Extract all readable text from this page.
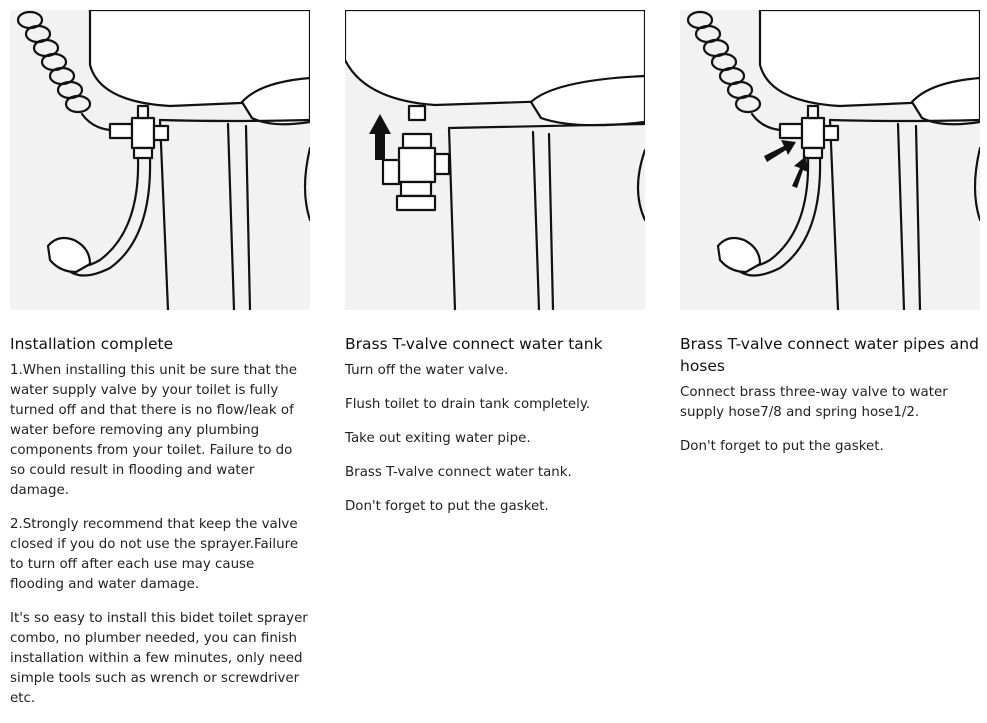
Installation complete

1.When installing this unit be sure that the water supply valve by your toilet is fully turned off and that there is no flow/leak of water before removing any plumbing components from your toilet. Failure to do so could result in flooding and water damage.

2.Strongly recommend that keep the valve closed if you do not use the sprayer.Failure to turn off after each use may cause flooding and water damage.

It's so easy to install this bidet toilet sprayer combo, no plumber needed, you can finish installation within a few minutes, only need simple tools such as wrench or screwdriver etc.

Brass T-valve connect water tank

Turn off the water valve.

Flush toilet to drain tank completely.

Take out exiting water pipe.

Brass T-valve connect water tank.

Don't forget to put the gasket.

Brass T-valve connect water pipes and hoses

Connect brass three-way valve to water supply hose7/8 and spring hose1/2.

Don't forget to put the gasket.
